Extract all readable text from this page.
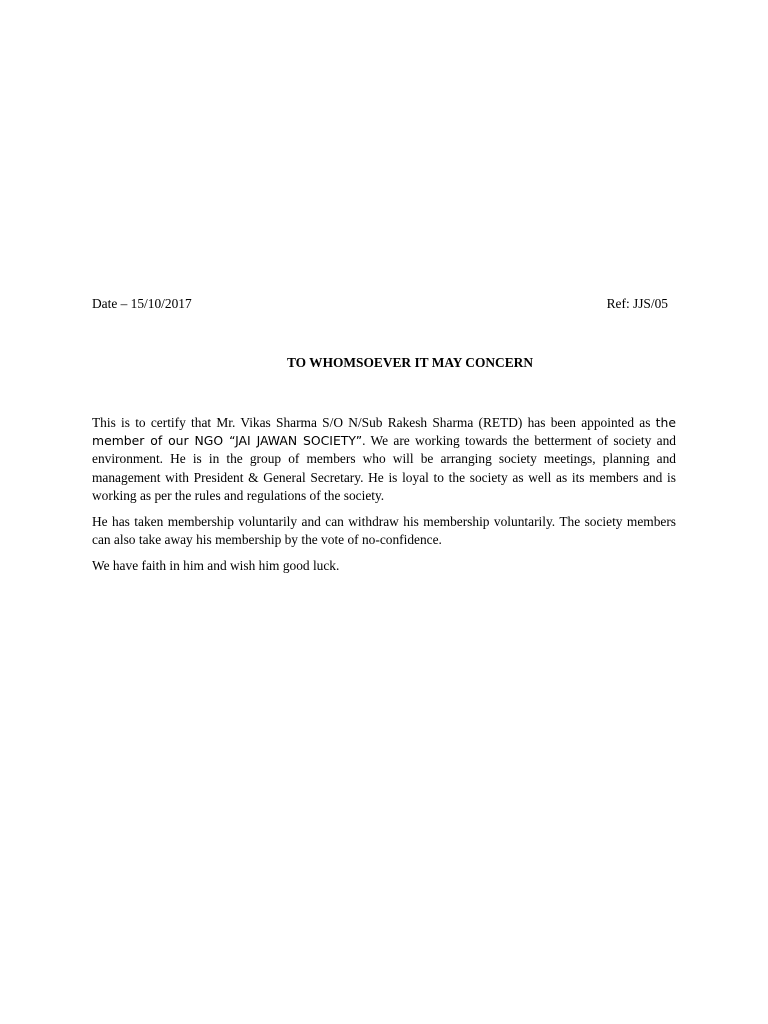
Date – 15/10/2017	Ref: JJS/05
TO WHOMSOEVER IT MAY CONCERN

This is to certify that Mr. Vikas Sharma S/O N/Sub Rakesh Sharma (RETD) has been appointed as the member of our NGO “JAI JAWAN SOCIETY”. We are working towards the betterment of society and environment. He is in the group of members who will be arranging society meetings, planning and management with President & General Secretary. He is loyal to the society as well as its members and is working as per the rules and regulations of the society.

He has taken membership voluntarily and can withdraw his membership voluntarily. The society members can also take away his membership by the vote of no-confidence.

We have faith in him and wish him good luck.
